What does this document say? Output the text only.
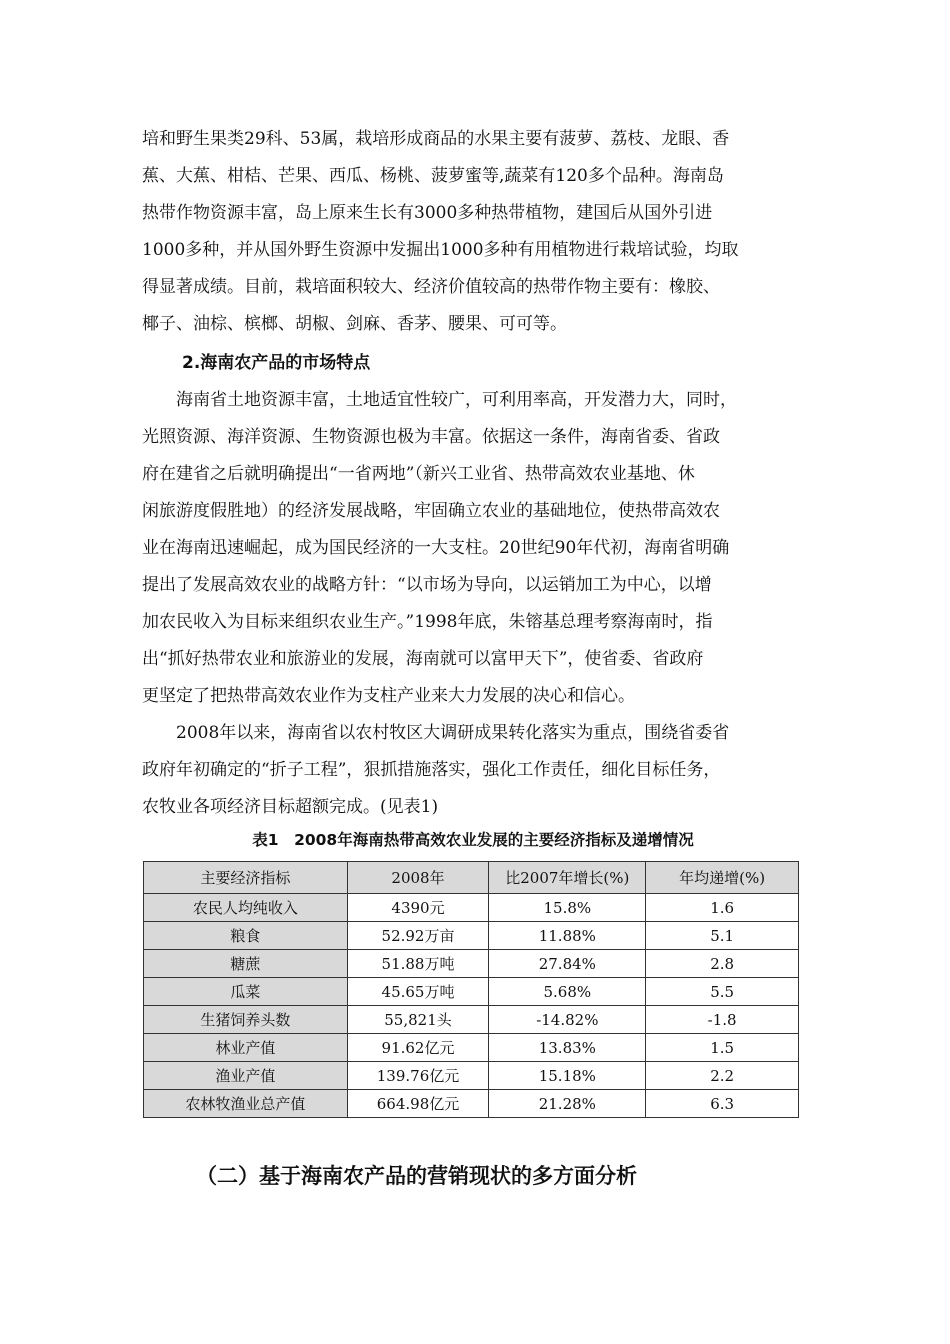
培和野生果类29科、53属，栽培形成商品的水果主要有菠萝、荔枝、龙眼、香
蕉、大蕉、柑桔、芒果、西瓜、杨桃、菠萝蜜等,蔬菜有120多个品种。海南岛
热带作物资源丰富，岛上原来生长有3000多种热带植物，建国后从国外引进
1000多种，并从国外野生资源中发掘出1000多种有用植物进行栽培试验，均取
得显著成绩。目前，栽培面积较大、经济价值较高的热带作物主要有：橡胶、
椰子、油棕、槟榔、胡椒、剑麻、香茅、腰果、可可等。
2.海南农产品的市场特点
　　海南省土地资源丰富，土地适宜性较广，可利用率高，开发潜力大，同时，
光照资源、海洋资源、生物资源也极为丰富。依据这一条件，海南省委、省政
府在建省之后就明确提出“一省两地”（新兴工业省、热带高效农业基地、休
闲旅游度假胜地）的经济发展战略，牢固确立农业的基础地位，使热带高效农
业在海南迅速崛起，成为国民经济的一大支柱。20世纪90年代初，海南省明确
提出了发展高效农业的战略方针：“以市场为导向，以运销加工为中心，以增
加农民收入为目标来组织农业生产。”1998年底，朱镕基总理考察海南时，指
出“抓好热带农业和旅游业的发展，海南就可以富甲天下”，使省委、省政府
更坚定了把热带高效农业作为支柱产业来大力发展的决心和信心。
　　2008年以来，海南省以农村牧区大调研成果转化落实为重点，围绕省委省
政府年初确定的“折子工程”，狠抓措施落实，强化工作责任，细化目标任务，
农牧业各项经济目标超额完成。(见表1)

表1　2008年海南热带高效农业发展的主要经济指标及递增情况

主要经济指标	2008年	比2007年增长(%)	年均递增(%)
农民人均纯收入	4390元	15.8%	1.6
粮食	52.92万亩	11.88%	5.1
糖蔗	51.88万吨	27.84%	2.8
瓜菜	45.65万吨	5.68%	5.5
生猪饲养头数	55,821头	-14.82%	-1.8
林业产值	91.62亿元	13.83%	1.5
渔业产值	139.76亿元	15.18%	2.2
农林牧渔业总产值	664.98亿元	21.28%	6.3
（二）基于海南农产品的营销现状的多方面分析
